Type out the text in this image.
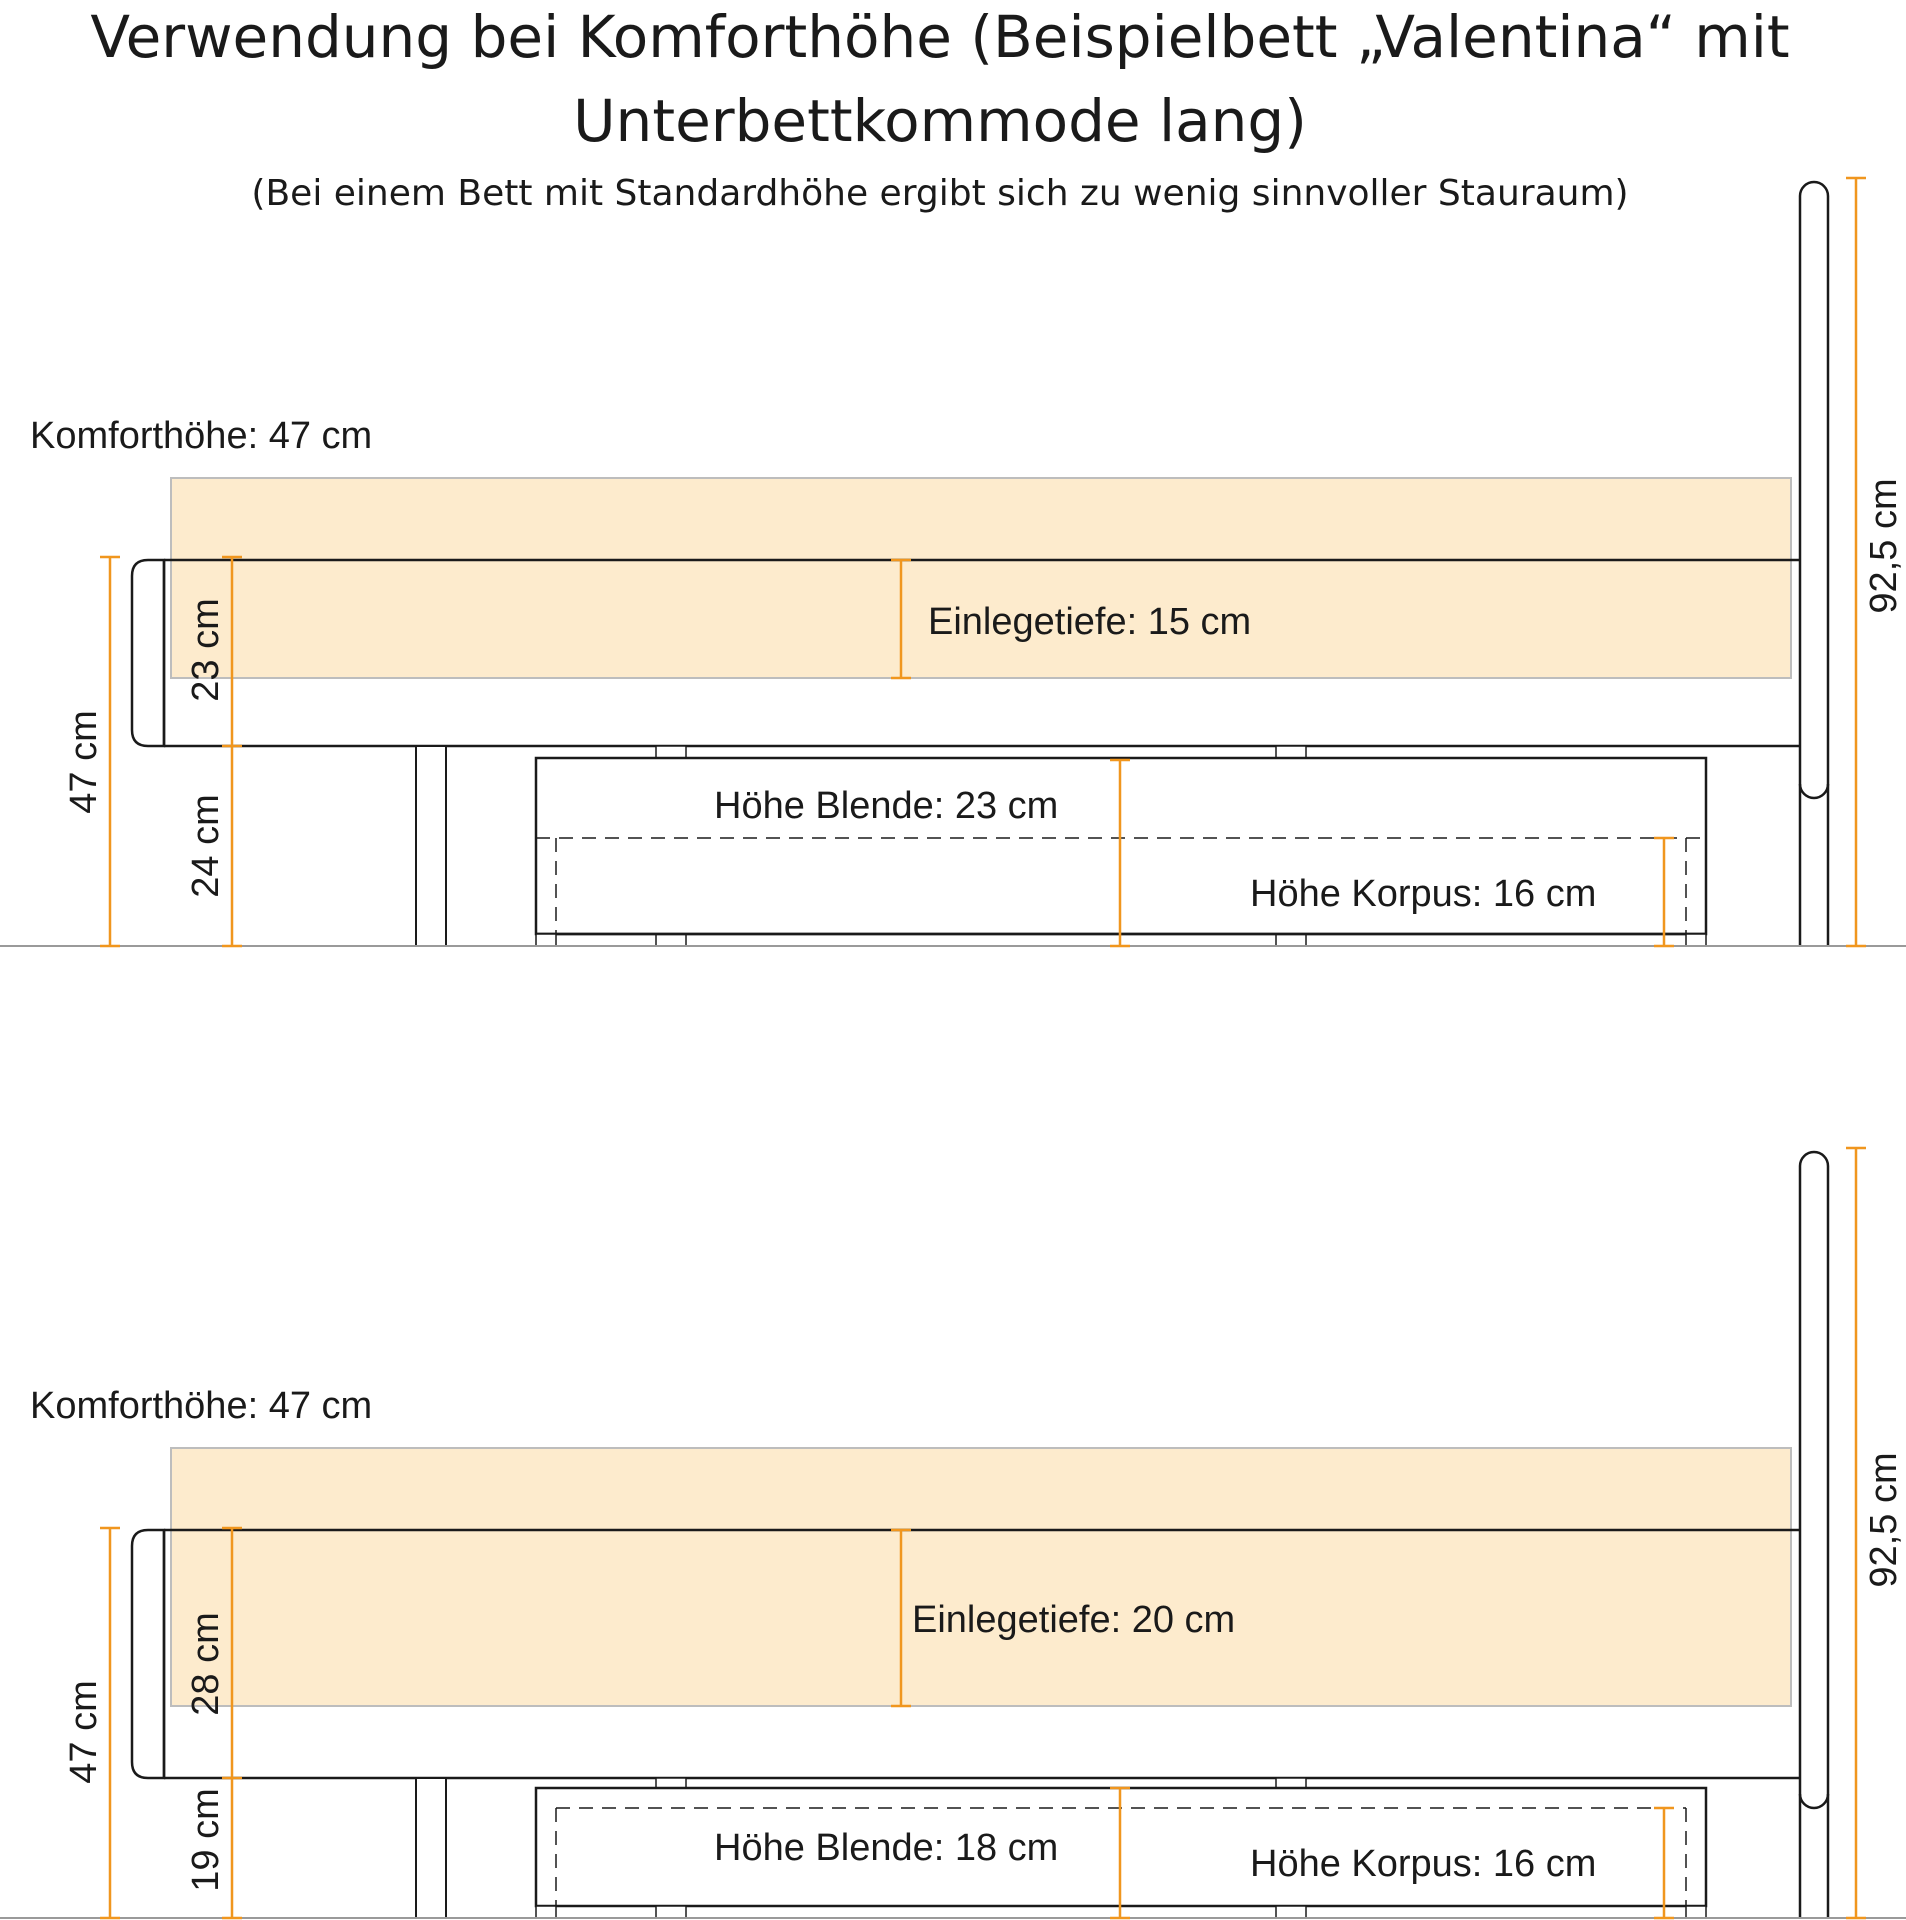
Verwendung bei Komforthöhe (Beispielbett „Valentina“ mit
Unterbettkommode lang)
(Bei einem Bett mit Standardhöhe ergibt sich zu wenig sinnvoller Stauraum)
Komforthöhe: 47 cm
Einlegetiefe: 15 cm
Höhe Blende: 23 cm
Höhe Korpus: 16 cm
47 cm
23 cm
24 cm
92,5 cm
Komforthöhe: 47 cm
Einlegetiefe: 20 cm
Höhe Blende: 18 cm	Höhe Korpus: 16 cm
47 cm
28 cm
19 cm
92,5 cm
